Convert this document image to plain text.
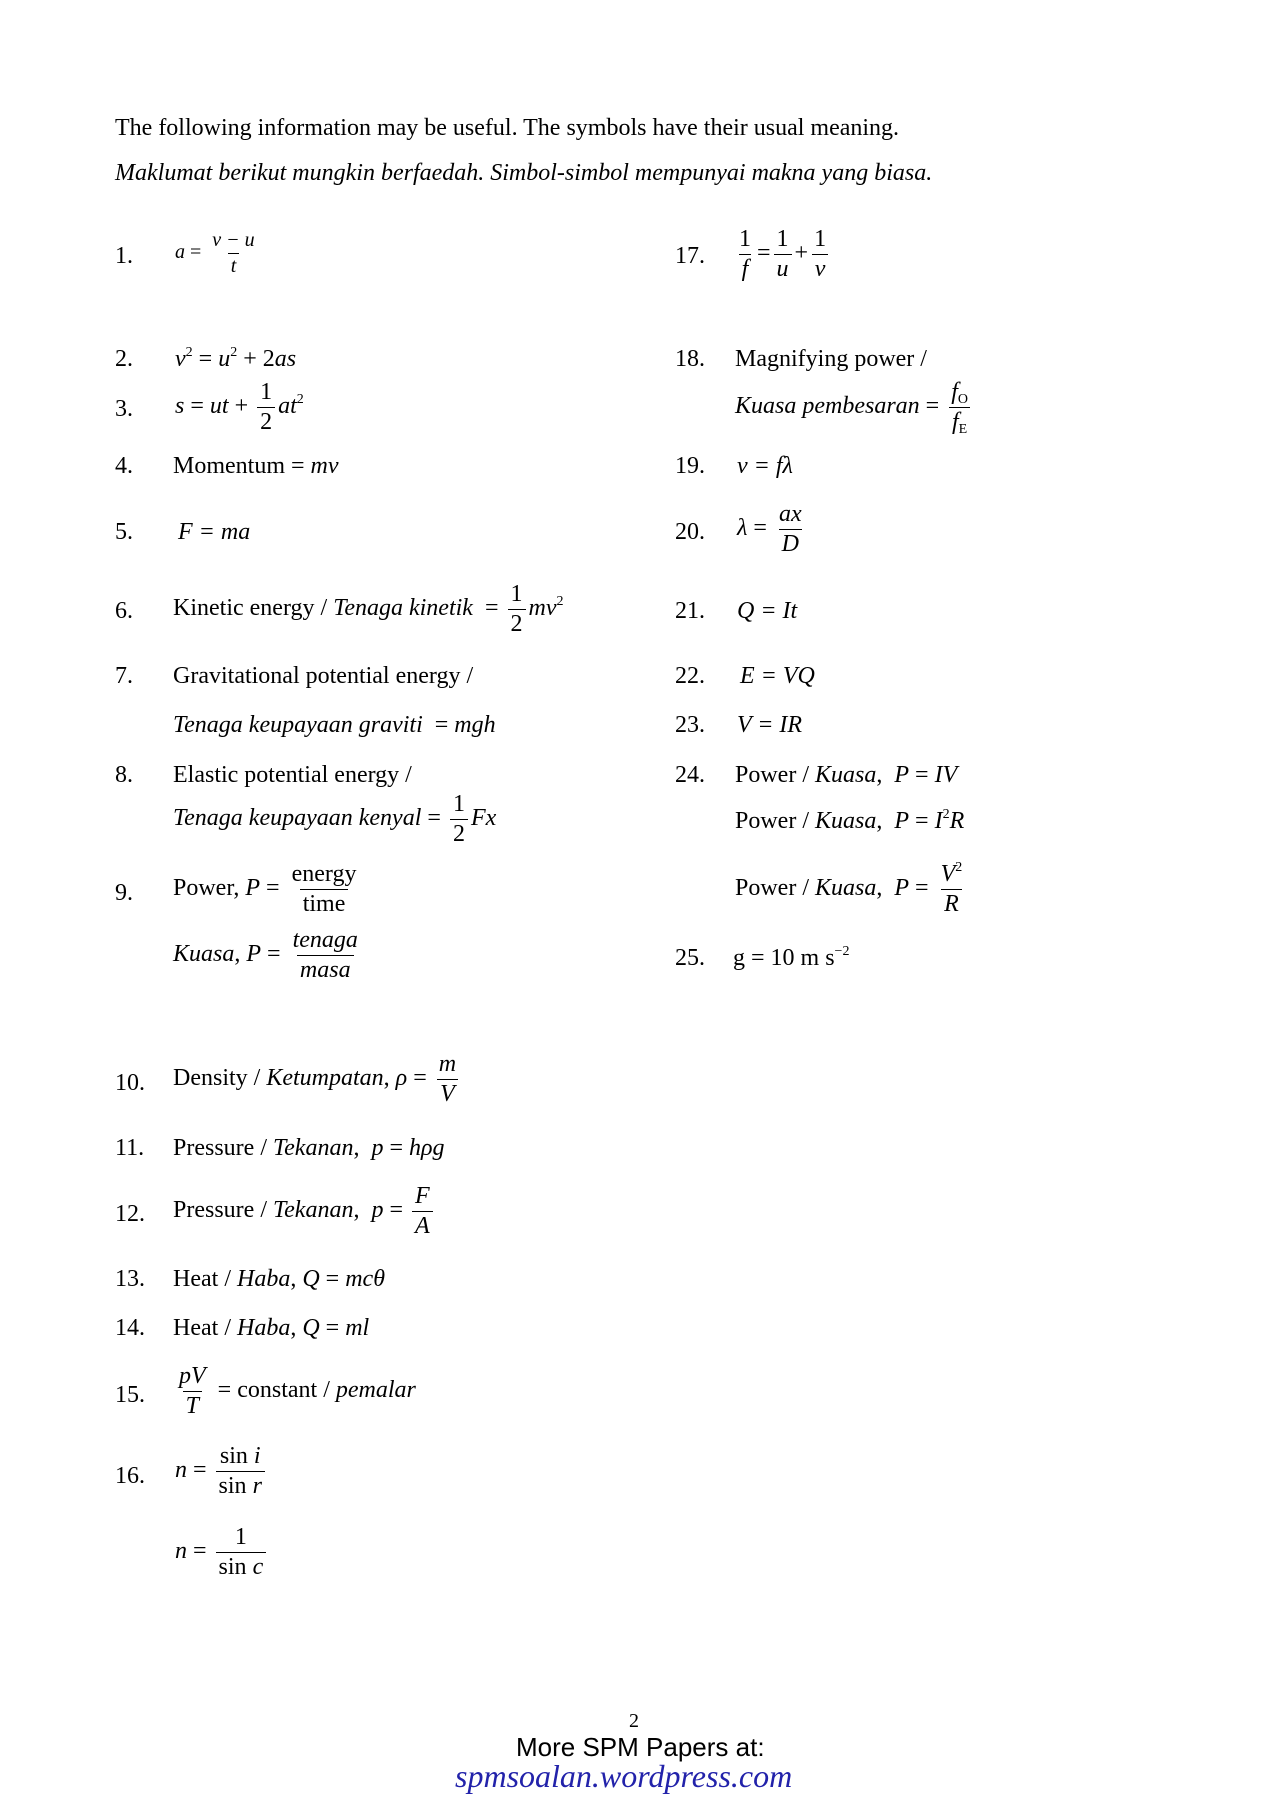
The following information may be useful. The symbols have their usual meaning.
Maklumat berikut mungkin berfaedah. Simbol-simbol mempunyai makna yang biasa.
1. $a = \frac{v - u}{t}$
2. $v^2 = u^2 + 2as$
3. s = ut + $\frac{1}{2} at^2$
4. Momentum = mv
5. F = ma
6. Kinetic energy / Tenaga kinetik  = $\frac{1}{2} mv^2$
7. Gravitational potential energy /
Tenaga keupayaan graviti  = mgh
8. Elastic potential energy /
Tenaga keupayaan kenyal = $\frac{1}{2}$ Fx
9. Power, $P = \frac{\text{energy}}{\text{time}}$
Kuasa, $P = \frac{\text{tenaga}}{\text{masa}}$
10. Density / Ketumpatan, $\rho = \frac{m}{V}$
11. Pressure / Tekanan,  p = hρg
12. Pressure / Tekanan,  $p = \frac{F}{A}$
13. Heat / Haba, Q = mcθ
14. Heat / Haba, Q = ml
15. $\frac{pV}{T}$ = constant / pemalar
16. $n = \frac{\text{sin i}}{\text{sin r}}$
$n = \frac{1}{\text{sin c}}$
17. $\frac{1}{f} = \frac{1}{u} + \frac{1}{v}$
18. Magnifying power /
Kuasa pembesaran = $\frac{f_O}{f_E}$
19. v = fλ
20. $\lambda = \frac{ax}{D}$
21. Q = It
22. E = VQ
23. V = IR
24. Power / Kuasa,  P = IV
Power / Kuasa,  $P = I^2R$
Power / Kuasa,  $P = \frac{V^2}{R}$
25. g = 10 m $s^{-2}$
2
More SPM Papers at:
spmsoalan.wordpress.com
